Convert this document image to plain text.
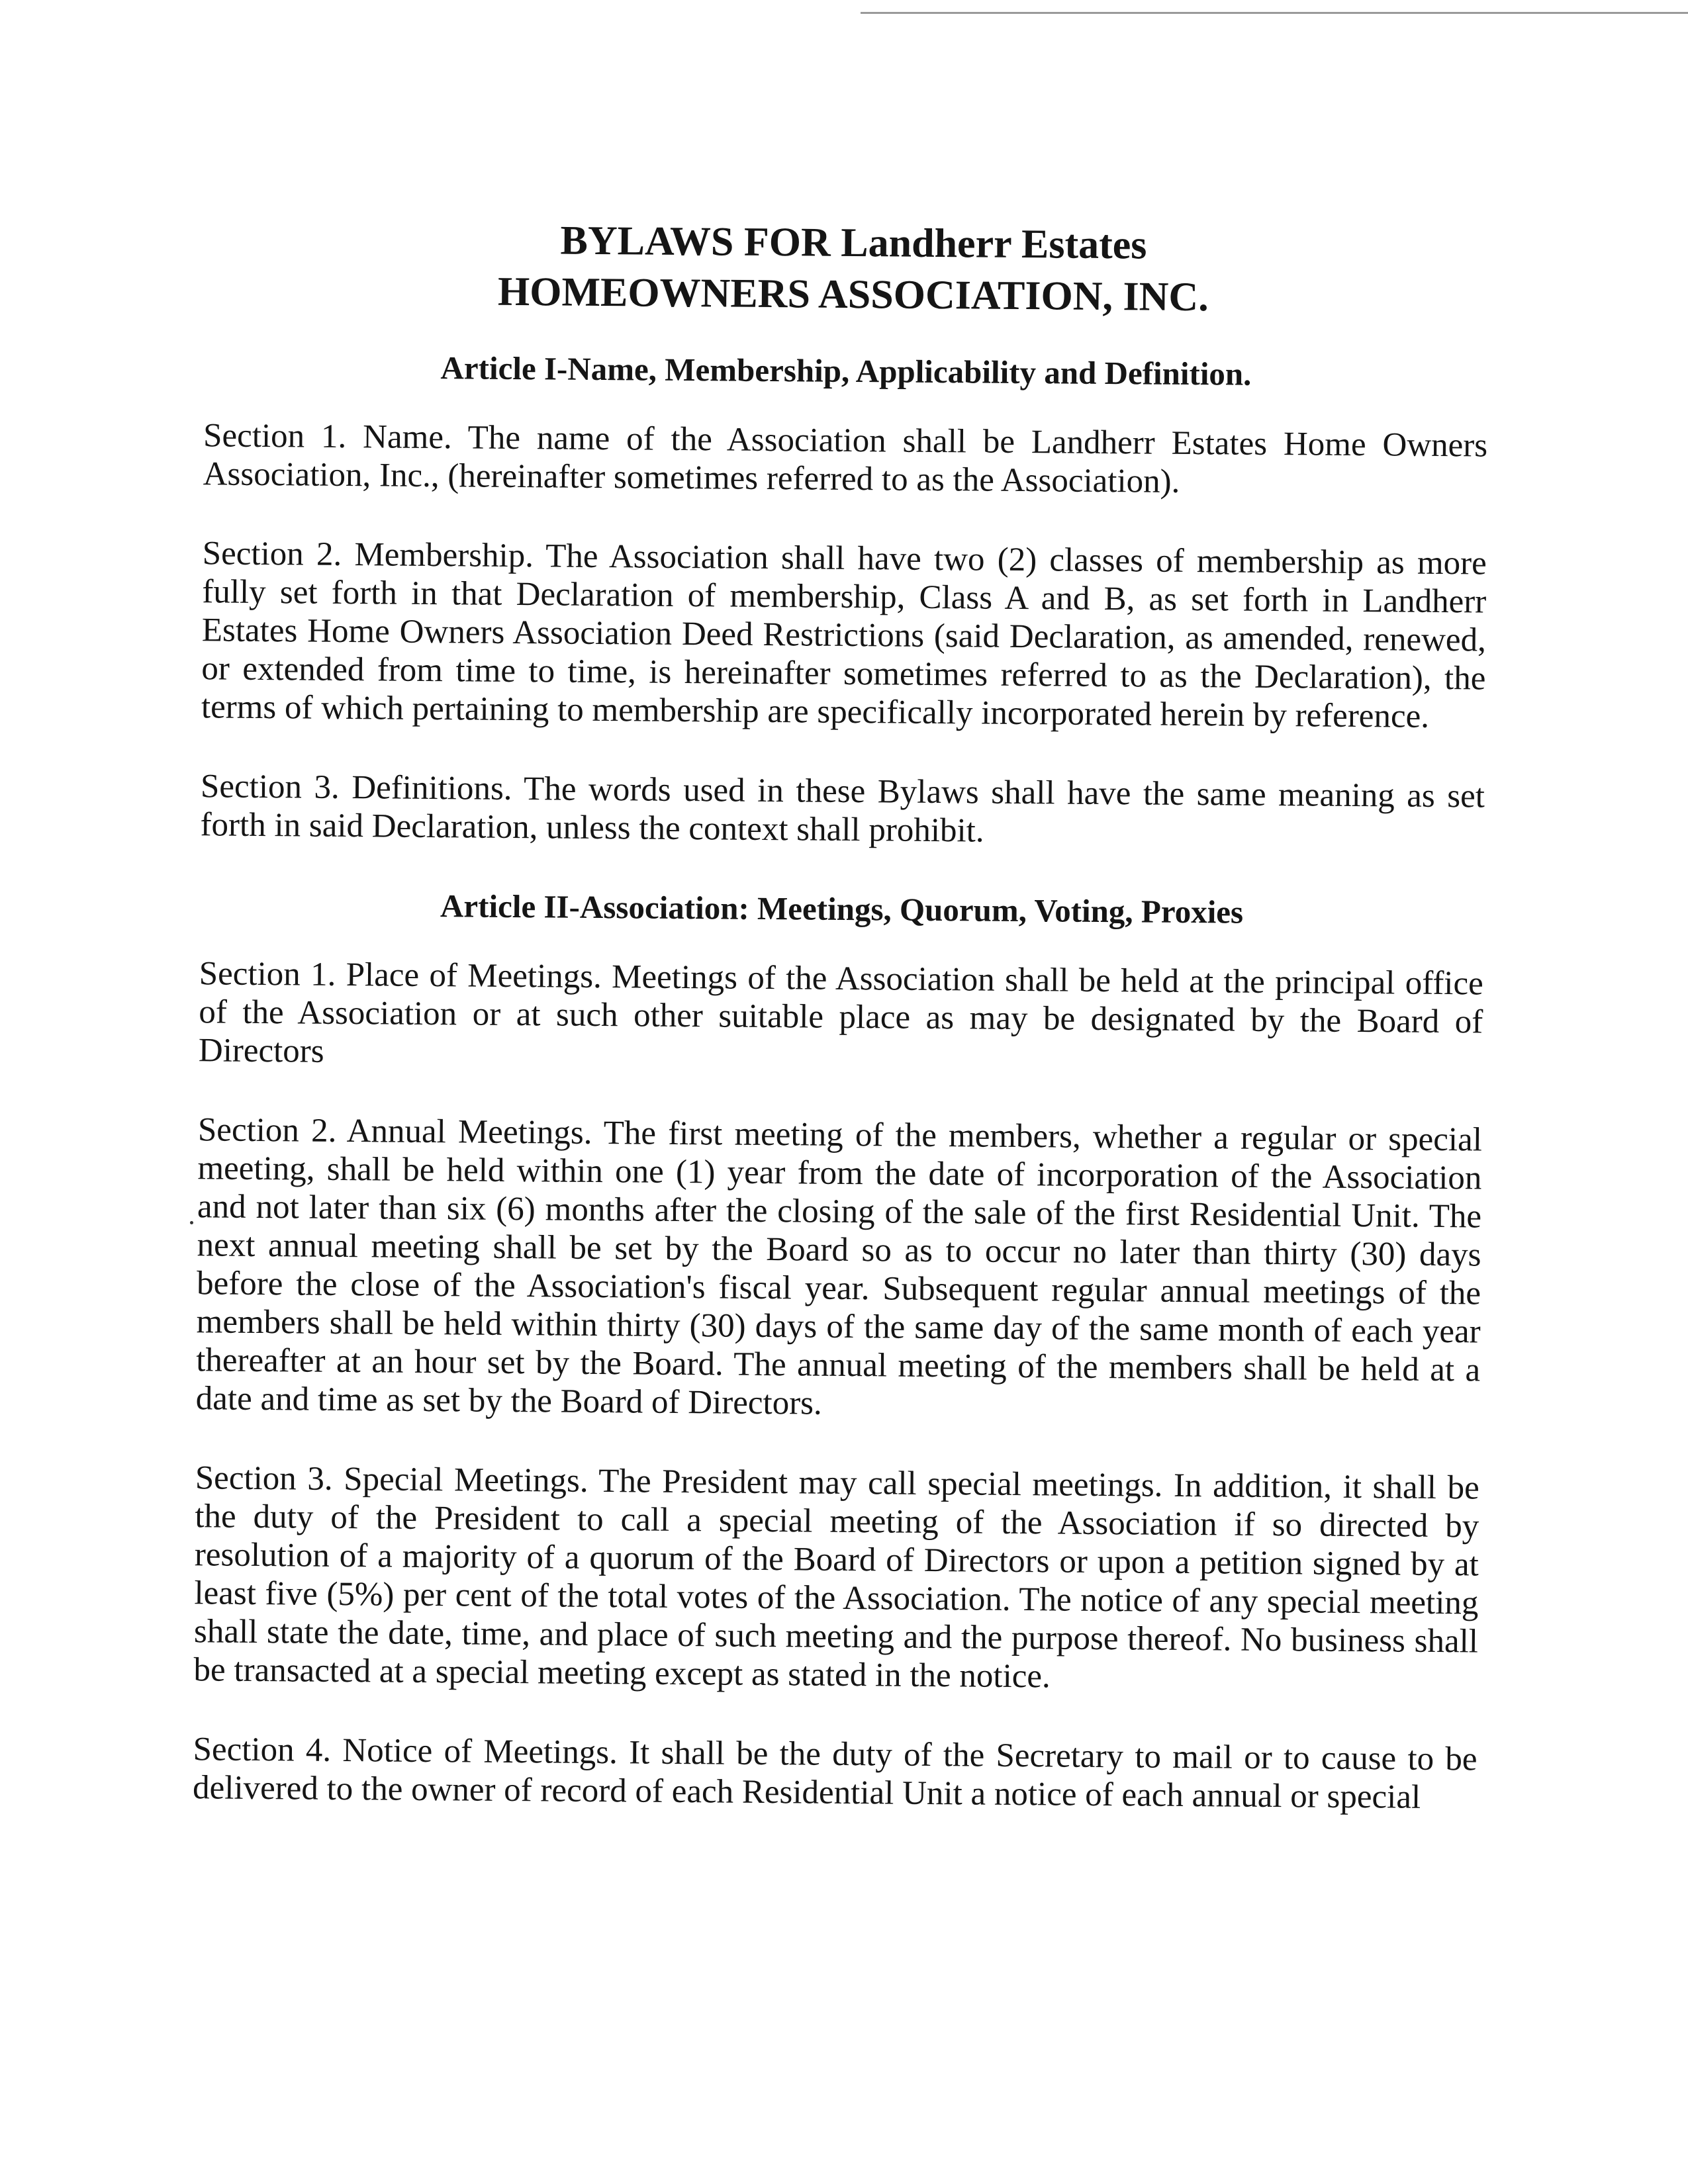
BYLAWS FOR Landherr Estates
HOMEOWNERS ASSOCIATION, INC.
Article I-Name, Membership, Applicability and Definition.

Section 1. Name. The name of the Association shall be Landherr Estates Home Owners Association, Inc., (hereinafter sometimes referred to as the Association).

Section 2. Membership. The Association shall have two (2) classes of membership as more fully set forth in that Declaration of membership, Class A and B, as set forth in Landherr Estates Home Owners Association Deed Restrictions (said Declaration, as amended, renewed, or extended from time to time, is hereinafter sometimes referred to as the Declaration), the terms of which pertaining to membership are specifically incorporated herein by reference.

Section 3. Definitions. The words used in these Bylaws shall have the same meaning as set forth in said Declaration, unless the context shall prohibit.

Article II-Association: Meetings, Quorum, Voting, Proxies

Section 1. Place of Meetings. Meetings of the Association shall be held at the principal office of the Association or at such other suitable place as may be designated by the Board of Directors

Section 2. Annual Meetings. The first meeting of the members, whether a regular or special meeting, shall be held within one (1) year from the date of incorporation of the Association and not later than six (6) months after the closing of the sale of the first Residential Unit. The next annual meeting shall be set by the Board so as to occur no later than thirty (30) days before the close of the Association's fiscal year. Subsequent regular annual meetings of the members shall be held within thirty (30) days of the same day of the same month of each year thereafter at an hour set by the Board. The annual meeting of the members shall be held at a date and time as set by the Board of Directors.

Section 3. Special Meetings. The President may call special meetings. In addition, it shall be the duty of the President to call a special meeting of the Association if so directed by resolution of a majority of a quorum of the Board of Directors or upon a petition signed by at least five (5%) per cent of the total votes of the Association. The notice of any special meeting shall state the date, time, and place of such meeting and the purpose thereof. No business shall be transacted at a special meeting except as stated in the notice.

Section 4. Notice of Meetings. It shall be the duty of the Secretary to mail or to cause to be delivered to the owner of record of each Residential Unit a notice of each annual or special
